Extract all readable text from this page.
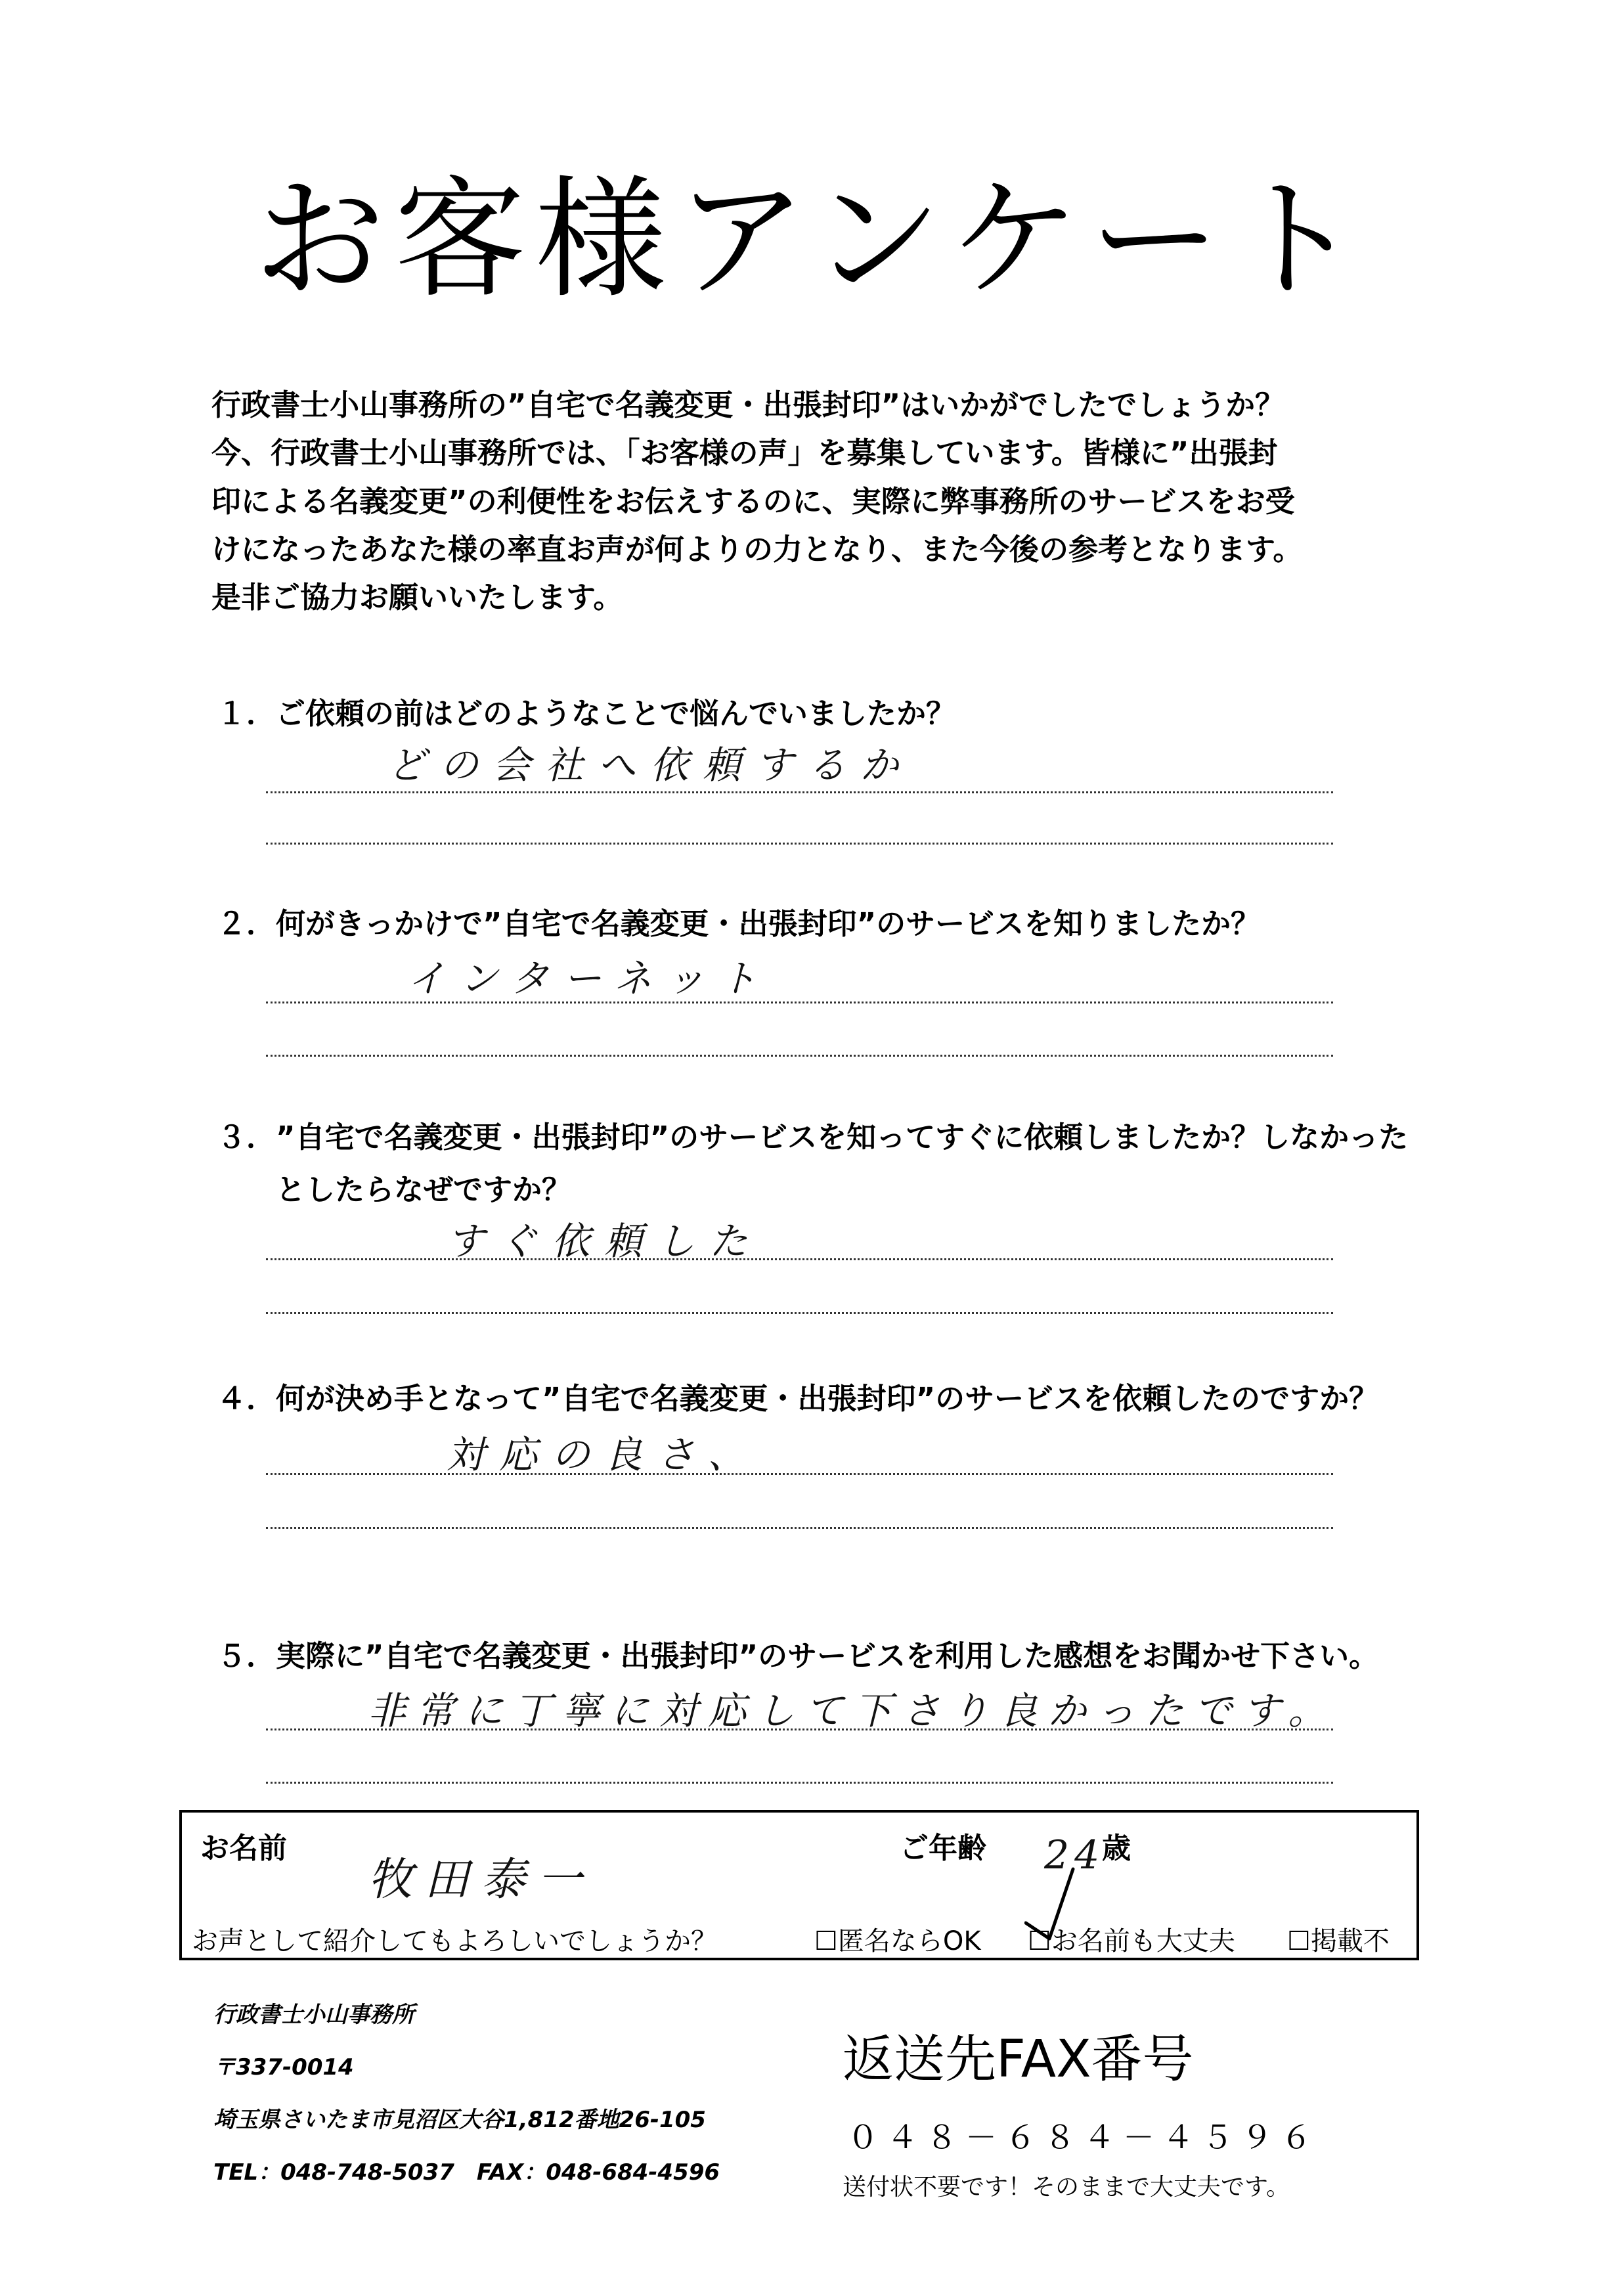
お客様アンケート
行政書士小山事務所の”自宅で名義変更・出張封印”はいかがでしたでしょうか？
今、行政書士小山事務所では、「お客様の声」を募集しています。皆様に”出張封
印による名義変更”の利便性をお伝えするのに、実際に弊事務所のサービスをお受
けになったあなた様の率直お声が何よりの力となり、また今後の参考となります。
是非ご協力お願いいたします。
１． ご依頼の前はどのようなことで悩んでいましたか？
どの会社へ依頼するか
２． 何がきっかけで”自宅で名義変更・出張封印”のサービスを知りましたか？
インターネット
３． ”自宅で名義変更・出張封印”のサービスを知ってすぐに依頼しましたか？しなかった
としたらなぜですか？
すぐ依頼した
４． 何が決め手となって”自宅で名義変更・出張封印”のサービスを依頼したのですか？
対応の良さ、
５． 実際に”自宅で名義変更・出張封印”のサービスを利用した感想をお聞かせ下さい。
非常に丁寧に対応して下さり良かったです。
お名前
牧田泰一
ご年齢 24
歳
お声として紹介してもよろしいでしょうか？	☐匿名ならOK ☐お名前も大丈夫 ☐掲載不
行政書士小山事務所
〒337-0014
埼玉県さいたま市見沼区大谷1,812番地26-105
TEL：048-748-5037　FAX：048-684-4596
返送先FAX番号
０４８－６８４－４５９６
送付状不要です！そのままで大丈夫です。
